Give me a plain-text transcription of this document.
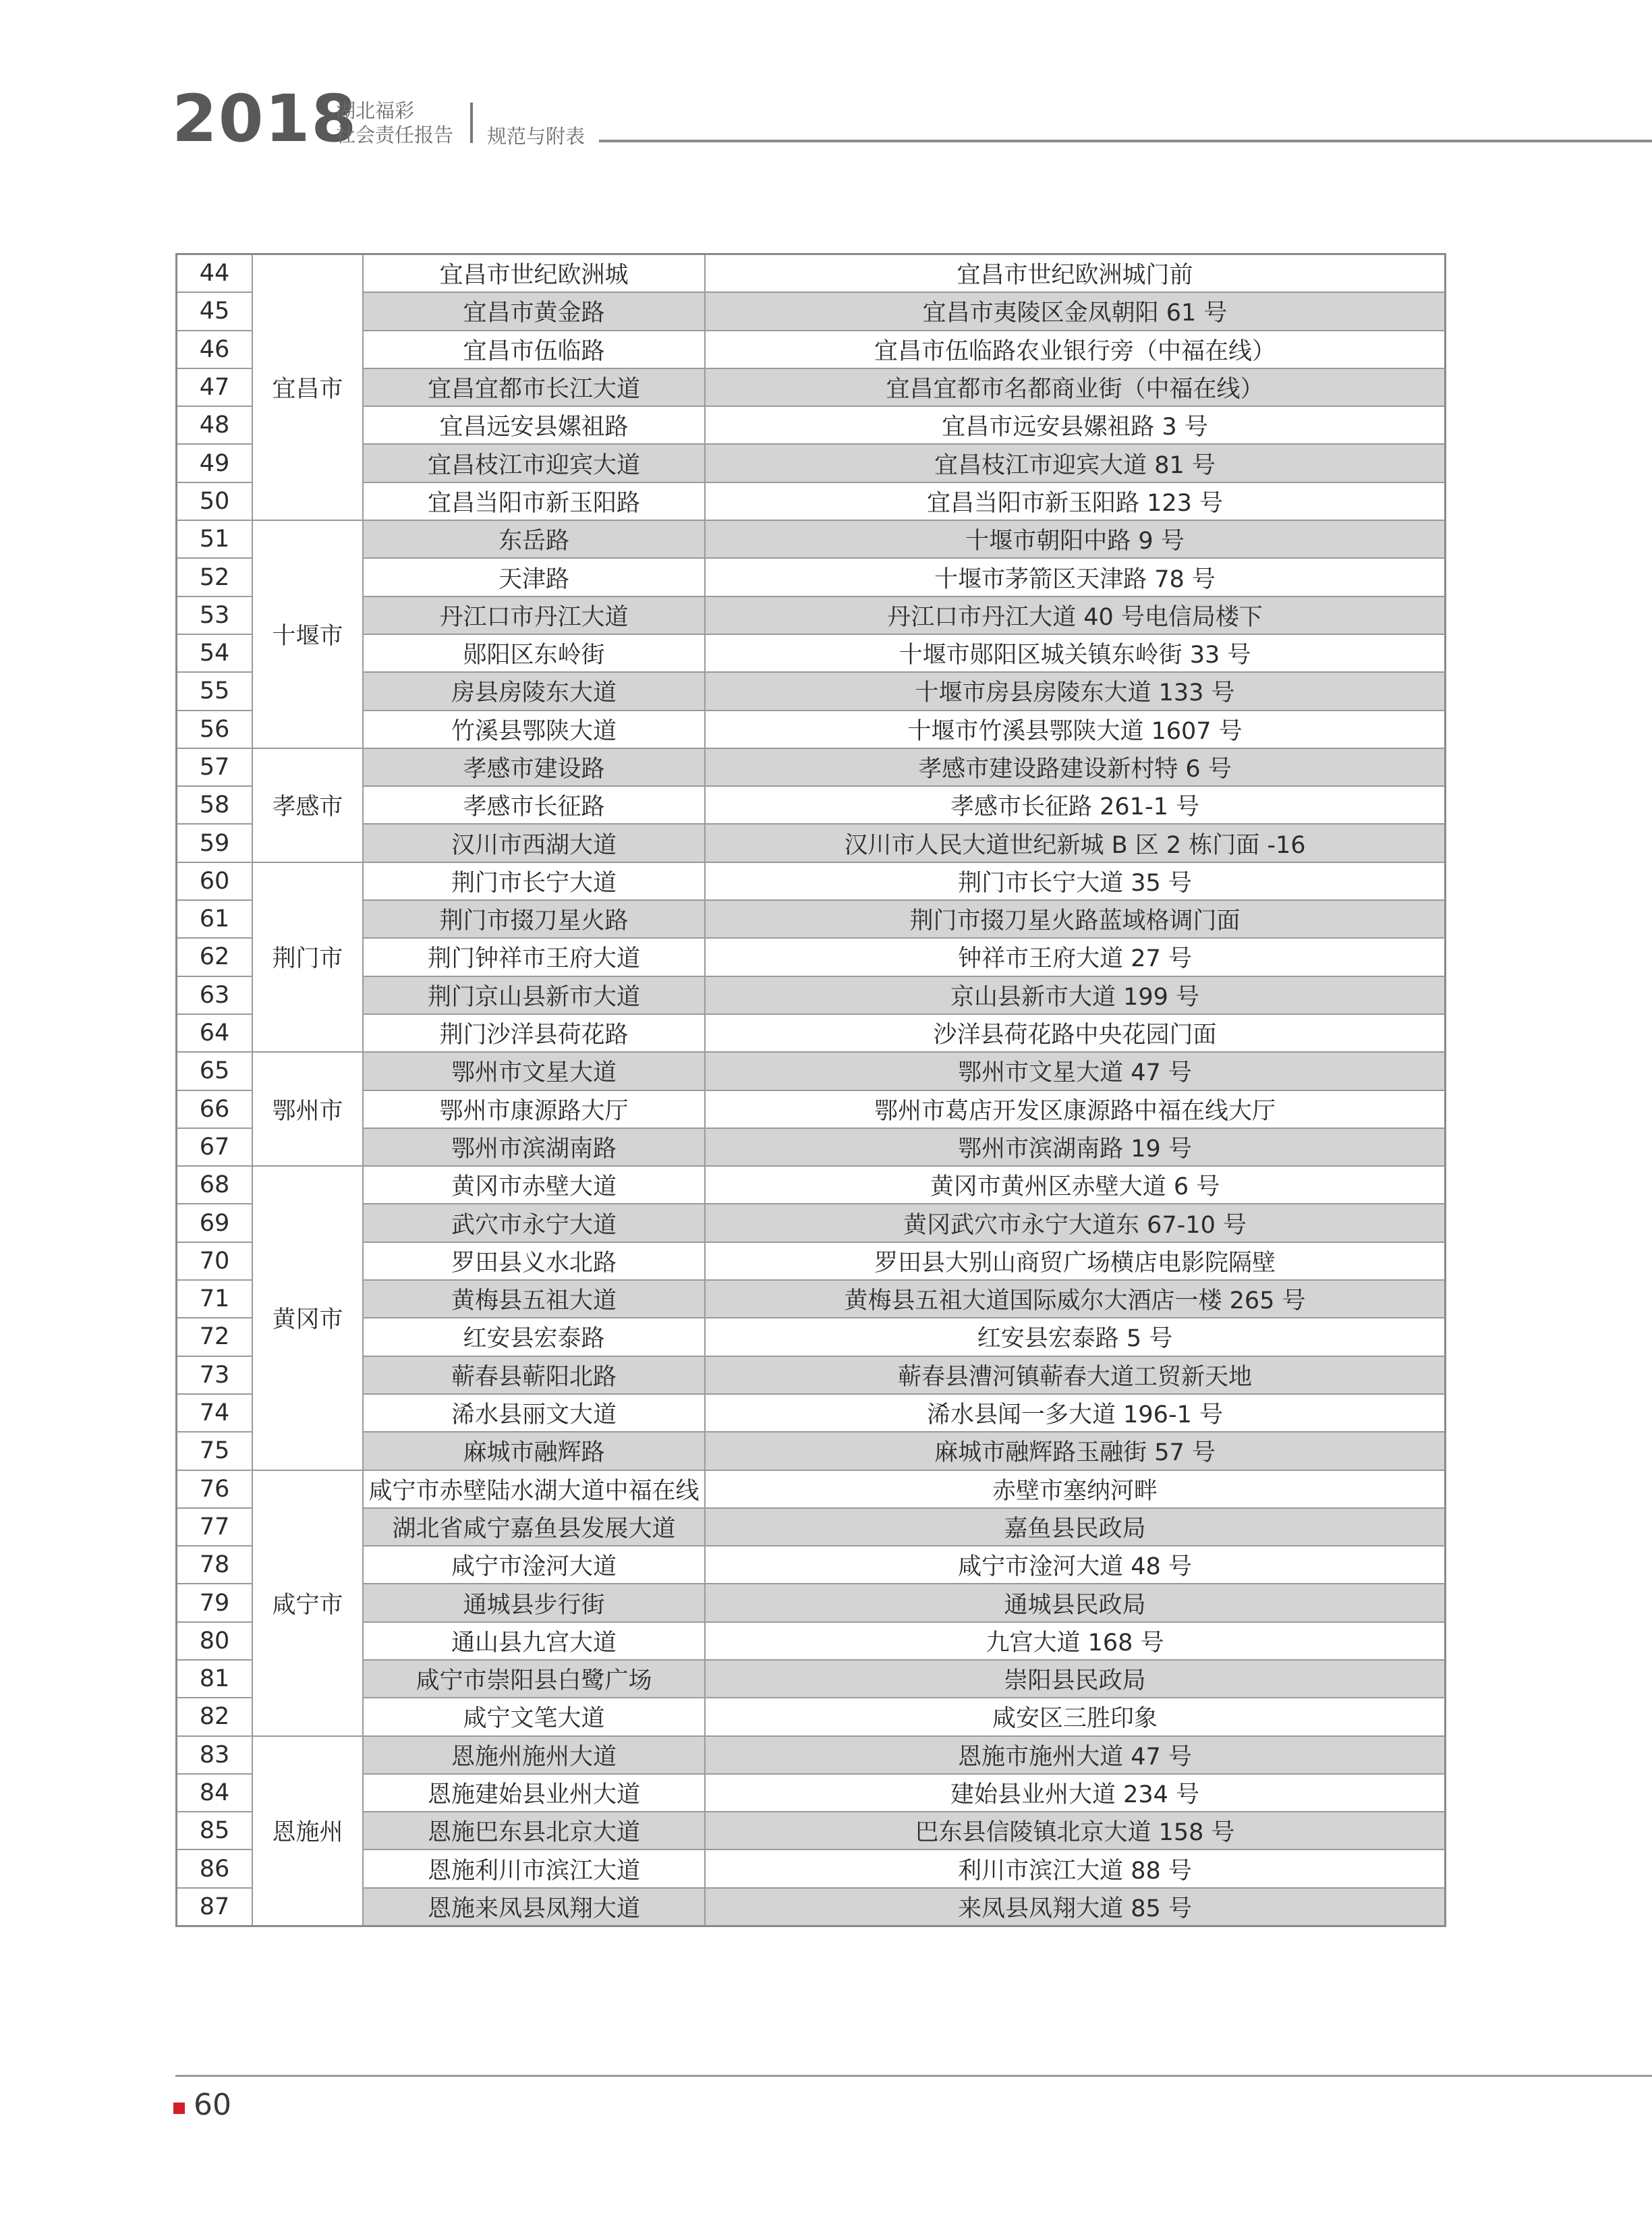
2018
湖北福彩
社会责任报告 规范与附表
44	宜昌市	宜昌市世纪欧洲城	宜昌市世纪欧洲城门前
45		宜昌市黄金路	宜昌市夷陵区金凤朝阳 61 号
46		宜昌市伍临路	宜昌市伍临路农业银行旁（中福在线）
47		宜昌宜都市长江大道	宜昌宜都市名都商业街（中福在线）
48		宜昌远安县嫘祖路	宜昌市远安县嫘祖路 3 号
49		宜昌枝江市迎宾大道	宜昌枝江市迎宾大道 81 号
50		宜昌当阳市新玉阳路	宜昌当阳市新玉阳路 123 号
51	十堰市	东岳路	十堰市朝阳中路 9 号
52		天津路	十堰市茅箭区天津路 78 号
53		丹江口市丹江大道	丹江口市丹江大道 40 号电信局楼下
54		郧阳区东岭街	十堰市郧阳区城关镇东岭街 33 号
55		房县房陵东大道	十堰市房县房陵东大道 133 号
56		竹溪县鄂陕大道	十堰市竹溪县鄂陕大道 1607 号
57	孝感市	孝感市建设路	孝感市建设路建设新村特 6 号
58		孝感市长征路	孝感市长征路 261-1 号
59		汉川市西湖大道	汉川市人民大道世纪新城 B 区 2 栋门面 -16
60	荆门市	荆门市长宁大道	荆门市长宁大道 35 号
61		荆门市掇刀星火路	荆门市掇刀星火路蓝域格调门面
62		荆门钟祥市王府大道	钟祥市王府大道 27 号
63		荆门京山县新市大道	京山县新市大道 199 号
64		荆门沙洋县荷花路	沙洋县荷花路中央花园门面
65	鄂州市	鄂州市文星大道	鄂州市文星大道 47 号
66		鄂州市康源路大厅	鄂州市葛店开发区康源路中福在线大厅
67		鄂州市滨湖南路	鄂州市滨湖南路 19 号
68	黄冈市	黄冈市赤壁大道	黄冈市黄州区赤壁大道 6 号
69		武穴市永宁大道	黄冈武穴市永宁大道东 67-10 号
70		罗田县义水北路	罗田县大别山商贸广场横店电影院隔壁
71		黄梅县五祖大道	黄梅县五祖大道国际威尔大酒店一楼 265 号
72		红安县宏泰路	红安县宏泰路 5 号
73		蕲春县蕲阳北路	蕲春县漕河镇蕲春大道工贸新天地
74		浠水县丽文大道	浠水县闻一多大道 196-1 号
75		麻城市融辉路	麻城市融辉路玉融街 57 号
76	咸宁市	咸宁市赤壁陆水湖大道中福在线	赤壁市塞纳河畔
77		湖北省咸宁嘉鱼县发展大道	嘉鱼县民政局
78		咸宁市淦河大道	咸宁市淦河大道 48 号
79		通城县步行街	通城县民政局
80		通山县九宫大道	九宫大道 168 号
81		咸宁市崇阳县白鹭广场	崇阳县民政局
82		咸宁文笔大道	咸安区三胜印象
83	恩施州	恩施州施州大道	恩施市施州大道 47 号
84		恩施建始县业州大道	建始县业州大道 234 号
85		恩施巴东县北京大道	巴东县信陵镇北京大道 158 号
86		恩施利川市滨江大道	利川市滨江大道 88 号
87		恩施来凤县凤翔大道	来凤县凤翔大道 85 号
60
